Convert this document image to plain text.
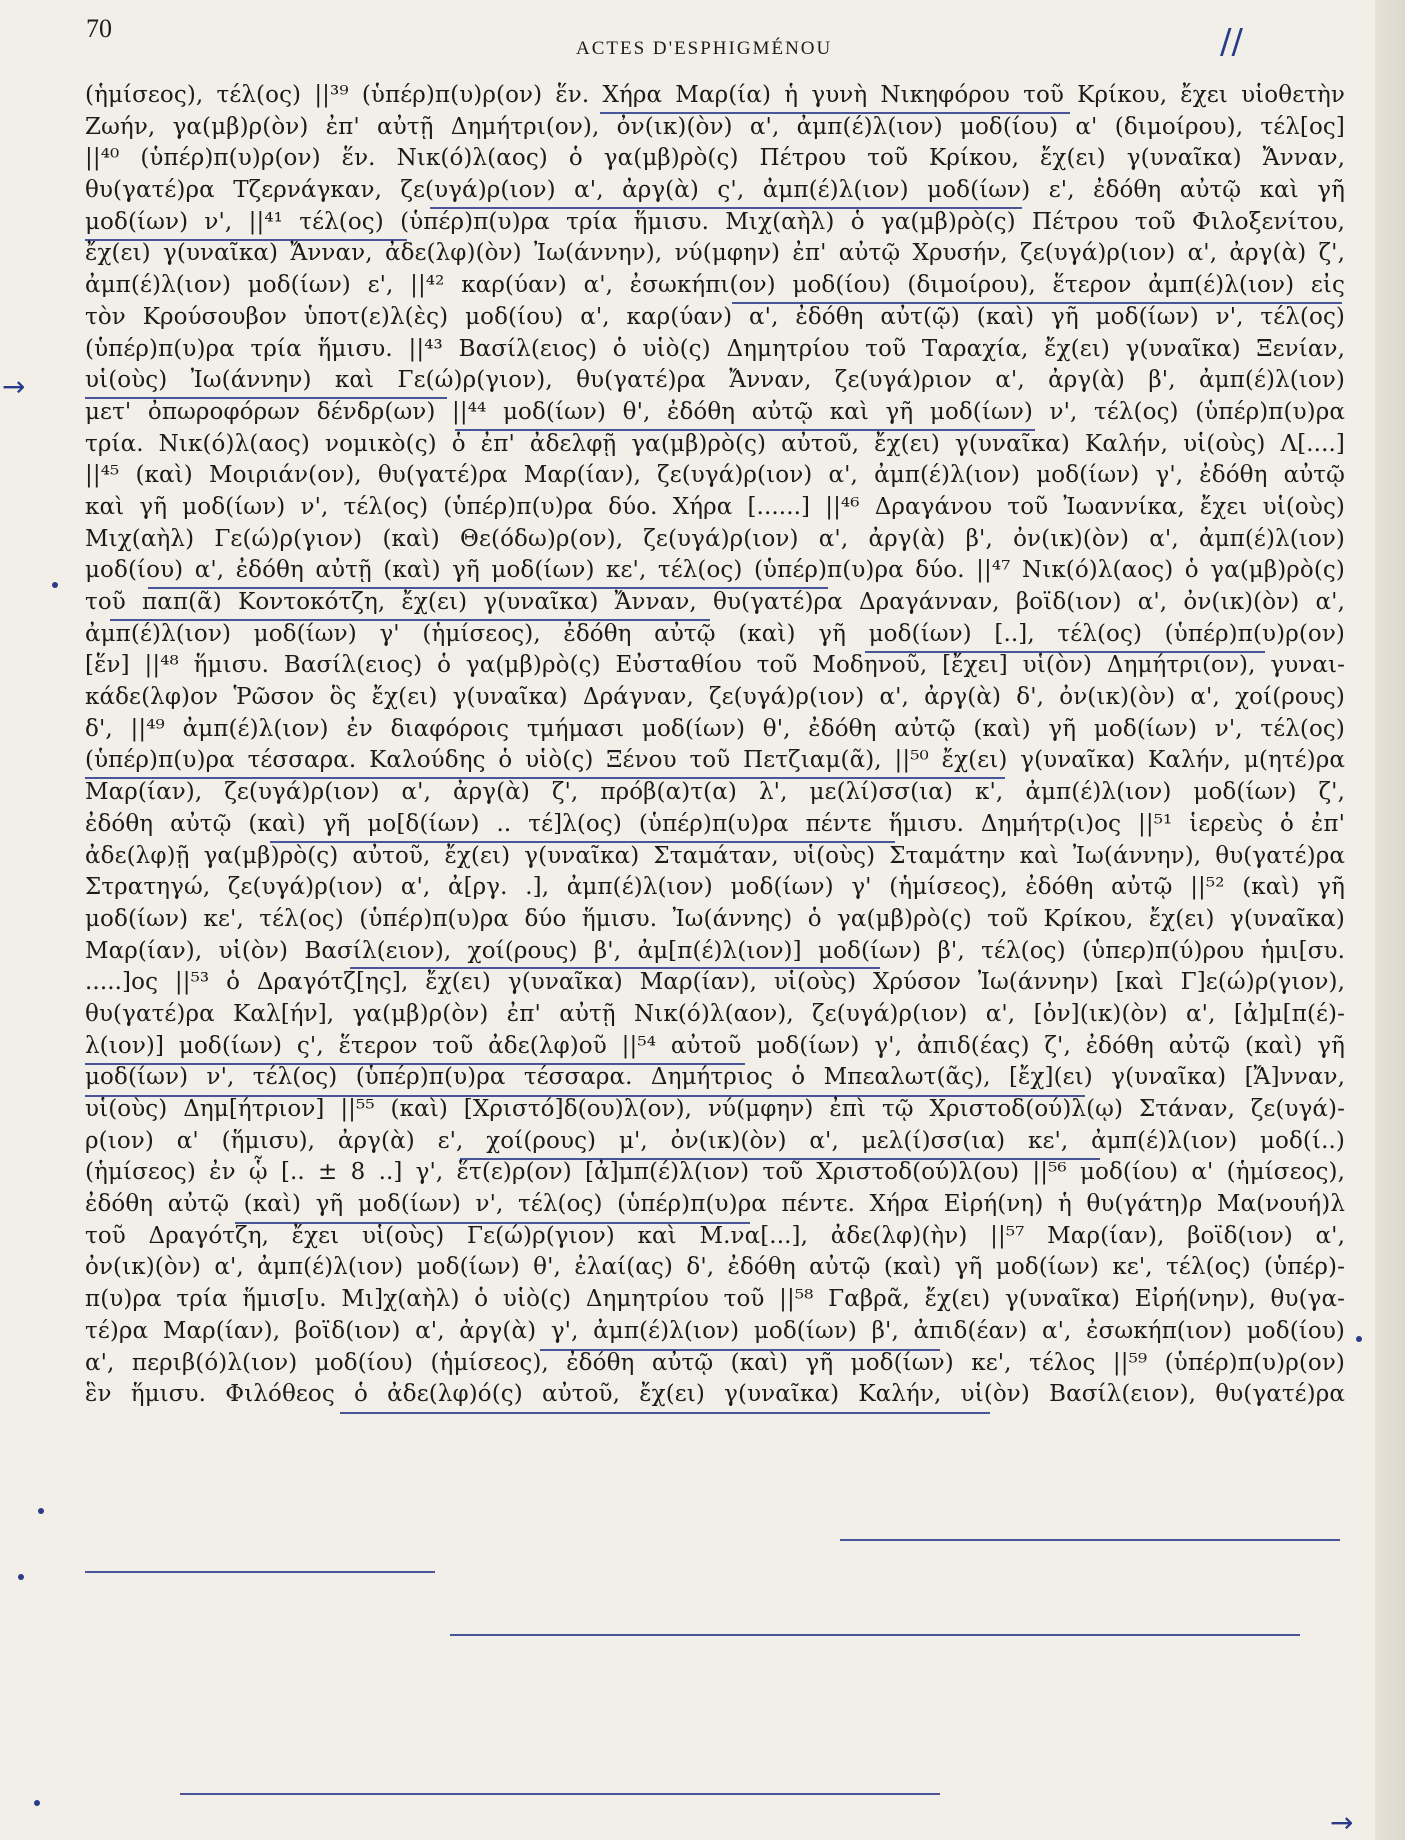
70
ACTES D'ESPHIGMÉNOU	//
→
→
(ἡμίσεος), τέλ(ος) ||³⁹ (ὑπέρ)π(υ)ρ(ον) ἕν. Χήρα Μαρ(ία) ἡ γυνὴ Νικηφόρου τοῦ Κρίκου, ἔχει υἱοθετὴν
Ζωήν, γα(μβ)ρ(ὸν) ἐπ' αὐτῇ Δημήτρι(ον), ὀν(ικ)(ὸν) α', ἀμπ(έ)λ(ιον) μοδ(ίου) α' (διμοίρου), τέλ[ος]
||⁴⁰ (ὑπέρ)π(υ)ρ(ον) ἕν. Νικ(ό)λ(αος) ὁ γα(μβ)ρὸ(ς) Πέτρου τοῦ Κρίκου, ἔχ(ει) γ(υναῖκα) Ἄνναν,
θυ(γατέ)ρα Τζερνάγκαν, ζε(υγά)ρ(ιον) α', ἀργ(ὰ) ς', ἀμπ(έ)λ(ιον) μοδ(ίων) ε', ἐδόθη αὐτῷ καὶ γῆ
μοδ(ίων) ν', ||⁴¹ τέλ(ος) (ὑπέρ)π(υ)ρα τρία ἥμισυ. Μιχ(αὴλ) ὁ γα(μβ)ρὸ(ς) Πέτρου τοῦ Φιλοξενίτου,
ἔχ(ει) γ(υναῖκα) Ἄνναν, ἀδε(λφ)(ὸν) Ἰω(άννην), νύ(μφην) ἐπ' αὐτῷ Χρυσήν, ζε(υγά)ρ(ιον) α', ἀργ(ὰ) ζ',
ἀμπ(έ)λ(ιον) μοδ(ίων) ε', ||⁴² καρ(ύαν) α', ἐσωκήπι(ον) μοδ(ίου) (διμοίρου), ἕτερον ἀμπ(έ)λ(ιον) εἰς
τὸν Κρούσουβον ὑποτ(ε)λ(ὲς) μοδ(ίου) α', καρ(ύαν) α', ἐδόθη αὐτ(ῷ) (καὶ) γῆ μοδ(ίων) ν', τέλ(ος)
(ὑπέρ)π(υ)ρα τρία ἥμισυ. ||⁴³ Βασίλ(ειος) ὁ υἱὸ(ς) Δημητρίου τοῦ Ταραχία, ἔχ(ει) γ(υναῖκα) Ξενίαν,
υἱ(οὺς) Ἰω(άννην) καὶ Γε(ώ)ρ(γιον), θυ(γατέ)ρα Ἄνναν, ζε(υγά)ριον α', ἀργ(ὰ) β', ἀμπ(έ)λ(ιον)
μετ' ὀπωροφόρων δένδρ(ων) ||⁴⁴ μοδ(ίων) θ', ἐδόθη αὐτῷ καὶ γῆ μοδ(ίων) ν', τέλ(ος) (ὑπέρ)π(υ)ρα
τρία. Νικ(ό)λ(αος) νομικὸ(ς) ὁ ἐπ' ἀδελφῇ γα(μβ)ρὸ(ς) αὐτοῦ, ἔχ(ει) γ(υναῖκα) Καλήν, υἱ(οὺς) Λ[....]
||⁴⁵ (καὶ) Μοιριάν(ον), θυ(γατέ)ρα Μαρ(ίαν), ζε(υγά)ρ(ιον) α', ἀμπ(έ)λ(ιον) μοδ(ίων) γ', ἐδόθη αὐτῷ
καὶ γῆ μοδ(ίων) ν', τέλ(ος) (ὑπέρ)π(υ)ρα δύο. Χήρα [......] ||⁴⁶ Δραγάνου τοῦ Ἰωαννίκα, ἔχει υἱ(οὺς)
Μιχ(αὴλ) Γε(ώ)ρ(γιον) (καὶ) Θε(όδω)ρ(ον), ζε(υγά)ρ(ιον) α', ἀργ(ὰ) β', ὀν(ικ)(ὸν) α', ἀμπ(έ)λ(ιον)
μοδ(ίου) α', ἐδόθη αὐτῇ (καὶ) γῆ μοδ(ίων) κε', τέλ(ος) (ὑπέρ)π(υ)ρα δύο. ||⁴⁷ Νικ(ό)λ(αος) ὁ γα(μβ)ρὸ(ς)
τοῦ παπ(ᾶ) Κοντοκότζη, ἔχ(ει) γ(υναῖκα) Ἄνναν, θυ(γατέ)ρα Δραγάνναν, βοϊδ(ιον) α', ὀν(ικ)(ὸν) α',
ἀμπ(έ)λ(ιον) μοδ(ίων) γ' (ἡμίσεος), ἐδόθη αὐτῷ (καὶ) γῆ μοδ(ίων) [..], τέλ(ος) (ὑπέρ)π(υ)ρ(ον)
[ἕν] ||⁴⁸ ἥμισυ. Βασίλ(ειος) ὁ γα(μβ)ρὸ(ς) Εὐσταθίου τοῦ Μοδηνοῦ, [ἔχει] υἱ(ὸν) Δημήτρι(ον), γυναι-
κάδε(λφ)ον Ῥῶσον ὃς ἔχ(ει) γ(υναῖκα) Δράγναν, ζε(υγά)ρ(ιον) α', ἀργ(ὰ) δ', ὀν(ικ)(ὸν) α', χοί(ρους)
δ', ||⁴⁹ ἀμπ(έ)λ(ιον) ἐν διαφόροις τμήμασι μοδ(ίων) θ', ἐδόθη αὐτῷ (καὶ) γῆ μοδ(ίων) ν', τέλ(ος)
(ὑπέρ)π(υ)ρα τέσσαρα. Καλούδης ὁ υἱὸ(ς) Ξένου τοῦ Πετζιαμ(ᾶ), ||⁵⁰ ἔχ(ει) γ(υναῖκα) Καλήν, μ(ητέ)ρα
Μαρ(ίαν), ζε(υγά)ρ(ιον) α', ἀργ(ὰ) ζ', πρόβ(α)τ(α) λ', με(λί)σσ(ια) κ', ἀμπ(έ)λ(ιον) μοδ(ίων) ζ',
ἐδόθη αὐτῷ (καὶ) γῆ μο[δ(ίων) .. τέ]λ(ος) (ὑπέρ)π(υ)ρα πέντε ἥμισυ. Δημήτρ(ι)ος ||⁵¹ ἱερεὺς ὁ ἐπ'
ἀδε(λφ)ῇ γα(μβ)ρὸ(ς) αὐτοῦ, ἔχ(ει) γ(υναῖκα) Σταμάταν, υἱ(οὺς) Σταμάτην καὶ Ἰω(άννην), θυ(γατέ)ρα
Στρατηγώ, ζε(υγά)ρ(ιον) α', ἀ[ργ. .], ἀμπ(έ)λ(ιον) μοδ(ίων) γ' (ἡμίσεος), ἐδόθη αὐτῷ ||⁵² (καὶ) γῆ
μοδ(ίων) κε', τέλ(ος) (ὑπέρ)π(υ)ρα δύο ἥμισυ. Ἰω(άννης) ὁ γα(μβ)ρὸ(ς) τοῦ Κρίκου, ἔχ(ει) γ(υναῖκα)
Μαρ(ίαν), υἱ(ὸν) Βασίλ(ειον), χοί(ρους) β', ἀμ[π(έ)λ(ιον)] μοδ(ίων) β', τέλ(ος) (ὑπερ)π(ύ)ρου ἡμι[συ.
.....]ος ||⁵³ ὁ Δραγότζ[ης], ἔχ(ει) γ(υναῖκα) Μαρ(ίαν), υἱ(οὺς) Χρύσον Ἰω(άννην) [καὶ Γ]ε(ώ)ρ(γιον),
θυ(γατέ)ρα Καλ[ήν], γα(μβ)ρ(ὸν) ἐπ' αὐτῇ Νικ(ό)λ(αον), ζε(υγά)ρ(ιον) α', [ὀν](ικ)(ὸν) α', [ἀ]μ[π(έ)-
λ(ιον)] μοδ(ίων) ς', ἕτερον τοῦ ἀδε(λφ)οῦ ||⁵⁴ αὐτοῦ μοδ(ίων) γ', ἀπιδ(έας) ζ', ἐδόθη αὐτῷ (καὶ) γῆ
μοδ(ίων) ν', τέλ(ος) (ὑπέρ)π(υ)ρα τέσσαρα. Δημήτριος ὁ Μπεαλωτ(ᾶς), [ἔχ](ει) γ(υναῖκα) [Ἄ]νναν,
υἱ(οὺς) Δημ[ήτριον] ||⁵⁵ (καὶ) [Χριστό]δ(ου)λ(ον), νύ(μφην) ἐπὶ τῷ Χριστοδ(ού)λ(ῳ) Στάναν, ζε(υγά)-
ρ(ιον) α' (ἥμισυ), ἀργ(ὰ) ε', χοί(ρους) μ', ὀν(ικ)(ὸν) α', μελ(ί)σσ(ια) κε', ἀμπ(έ)λ(ιον) μοδ(ί..)
(ἡμίσεος) ἐν ᾧ [.. ± 8 ..] γ', ἕτ(ε)ρ(ον) [ἀ]μπ(έ)λ(ιον) τοῦ Χριστοδ(ού)λ(ου) ||⁵⁶ μοδ(ίου) α' (ἡμίσεος),
ἐδόθη αὐτῷ (καὶ) γῆ μοδ(ίων) ν', τέλ(ος) (ὑπέρ)π(υ)ρα πέντε. Χήρα Εἰρή(νη) ἡ θυ(γάτη)ρ Μα(νουή)λ
τοῦ Δραγότζη, ἔχει υἱ(οὺς) Γε(ώ)ρ(γιον) καὶ Μ.να[...], ἀδε(λφ)(ὴν) ||⁵⁷ Μαρ(ίαν), βοϊδ(ιον) α',
ὀν(ικ)(ὸν) α', ἀμπ(έ)λ(ιον) μοδ(ίων) θ', ἐλαί(ας) δ', ἐδόθη αὐτῷ (καὶ) γῆ μοδ(ίων) κε', τέλ(ος) (ὑπέρ)-
π(υ)ρα τρία ἥμισ[υ. Μι]χ(αὴλ) ὁ υἱὸ(ς) Δημητρίου τοῦ ||⁵⁸ Γαβρᾶ, ἔχ(ει) γ(υναῖκα) Εἰρή(νην), θυ(γα-
τέ)ρα Μαρ(ίαν), βοϊδ(ιον) α', ἀργ(ὰ) γ', ἀμπ(έ)λ(ιον) μοδ(ίων) β', ἀπιδ(έαν) α', ἐσωκήπ(ιον) μοδ(ίου)
α', περιβ(ό)λ(ιον) μοδ(ίου) (ἡμίσεος), ἐδόθη αὐτῷ (καὶ) γῆ μοδ(ίων) κε', τέλος ||⁵⁹ (ὑπέρ)π(υ)ρ(ον)
ἓν ἥμισυ. Φιλόθεος ὁ ἀδε(λφ)ό(ς) αὐτοῦ, ἔχ(ει) γ(υναῖκα) Καλήν, υἱ(ὸν) Βασίλ(ειον), θυ(γατέ)ρα
